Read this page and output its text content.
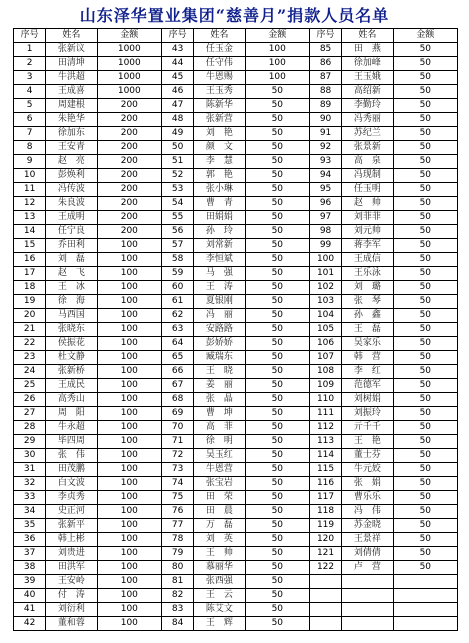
山东泽华置业集团“慈善月”捐款人员名单
序号	姓名	金额	序号	姓名	金额	序号	姓名	金额
1	张新议	1000	43	任玉金	100	85	田　燕	50
2	田清坤	1000	44	任守伟	100	86	徐加峰	50
3	牛洪超	1000	45	牛恩赐	100	87	王玉娥	50
4	王成喜	1000	46	王玉秀	50	88	高绍新	50
5	周建根	200	47	陈新华	50	89	李勤玲	50
6	朱艳华	200	48	张新营	50	90	冯秀丽	50
7	徐加东	200	49	刘　艳	50	91	苏纪兰	50
8	王安青	200	50	颜　文	50	92	张景新	50
9	赵　亮	200	51	李　慧	50	93	高　泉	50
10	彭焕利	200	52	郭　艳	50	94	冯现制	50
11	冯传波	200	53	张小琳	50	95	任玉明	50
12	朱良波	200	54	曹　青	50	96	赵　帅	50
13	王成明	200	55	田娟娟	50	97	刘菲菲	50
14	任宁良	200	56	孙　玲	50	98	刘元帅	50
15	乔田利	100	57	刘常新	50	99	蒋李军	50
16	刘　磊	100	58	李恒斌	50	100	王成信	50
17	赵　飞	100	59	马　强	50	101	王乐泳	50
18	王　冰	100	60	王　涛	50	102	刘　璐	50
19	徐　海	100	61	夏银刚	50	103	张　琴	50
20	马西国	100	62	冯　丽	50	104	孙　鑫	50
21	张晓东	100	63	安路路	50	105	王　磊	50
22	侯振花	100	64	彭娇娇	50	106	吴家乐	50
23	杜文静	100	65	臧瑞东	50	107	韩　营	50
24	张新桥	100	66	王　晓	50	108	李　红	50
25	王成民	100	67	姜　丽	50	109	范德军	50
26	高秀山	100	68	张　晶	50	110	刘树娟	50
27	周　阳	100	69	曹　坤	50	111	刘振玲	50
28	牛永超	100	70	高　菲	50	112	亓千千	50
29	毕四周	100	71	徐　明	50	113	王　艳	50
30	张　伟	100	72	吴玉红	50	114	董士芬	50
31	田茂鹏	100	73	牛恩营	50	115	牛元姣	50
32	白文波	100	74	张宝岩	50	116	张　娟	50
33	李贞秀	100	75	田　荣	50	117	曹乐乐	50
34	史正河	100	76	田　晨	50	118	冯　伟	50
35	张新平	100	77	万　磊	50	119	苏金晓	50
36	韩上彬	100	78	刘　英	50	120	王景祥	50
37	刘贵进	100	79	王　帅	50	121	刘倩倩	50
38	田洪军	100	80	慕丽华	50	122	卢　营	50
39	王安岭	100	81	张西强	50			
40	付　涛	100	82	王　云	50			
41	刘衍利	100	83	陈艾文	50			
42	董和蓉	100	84	王　辉	50			
